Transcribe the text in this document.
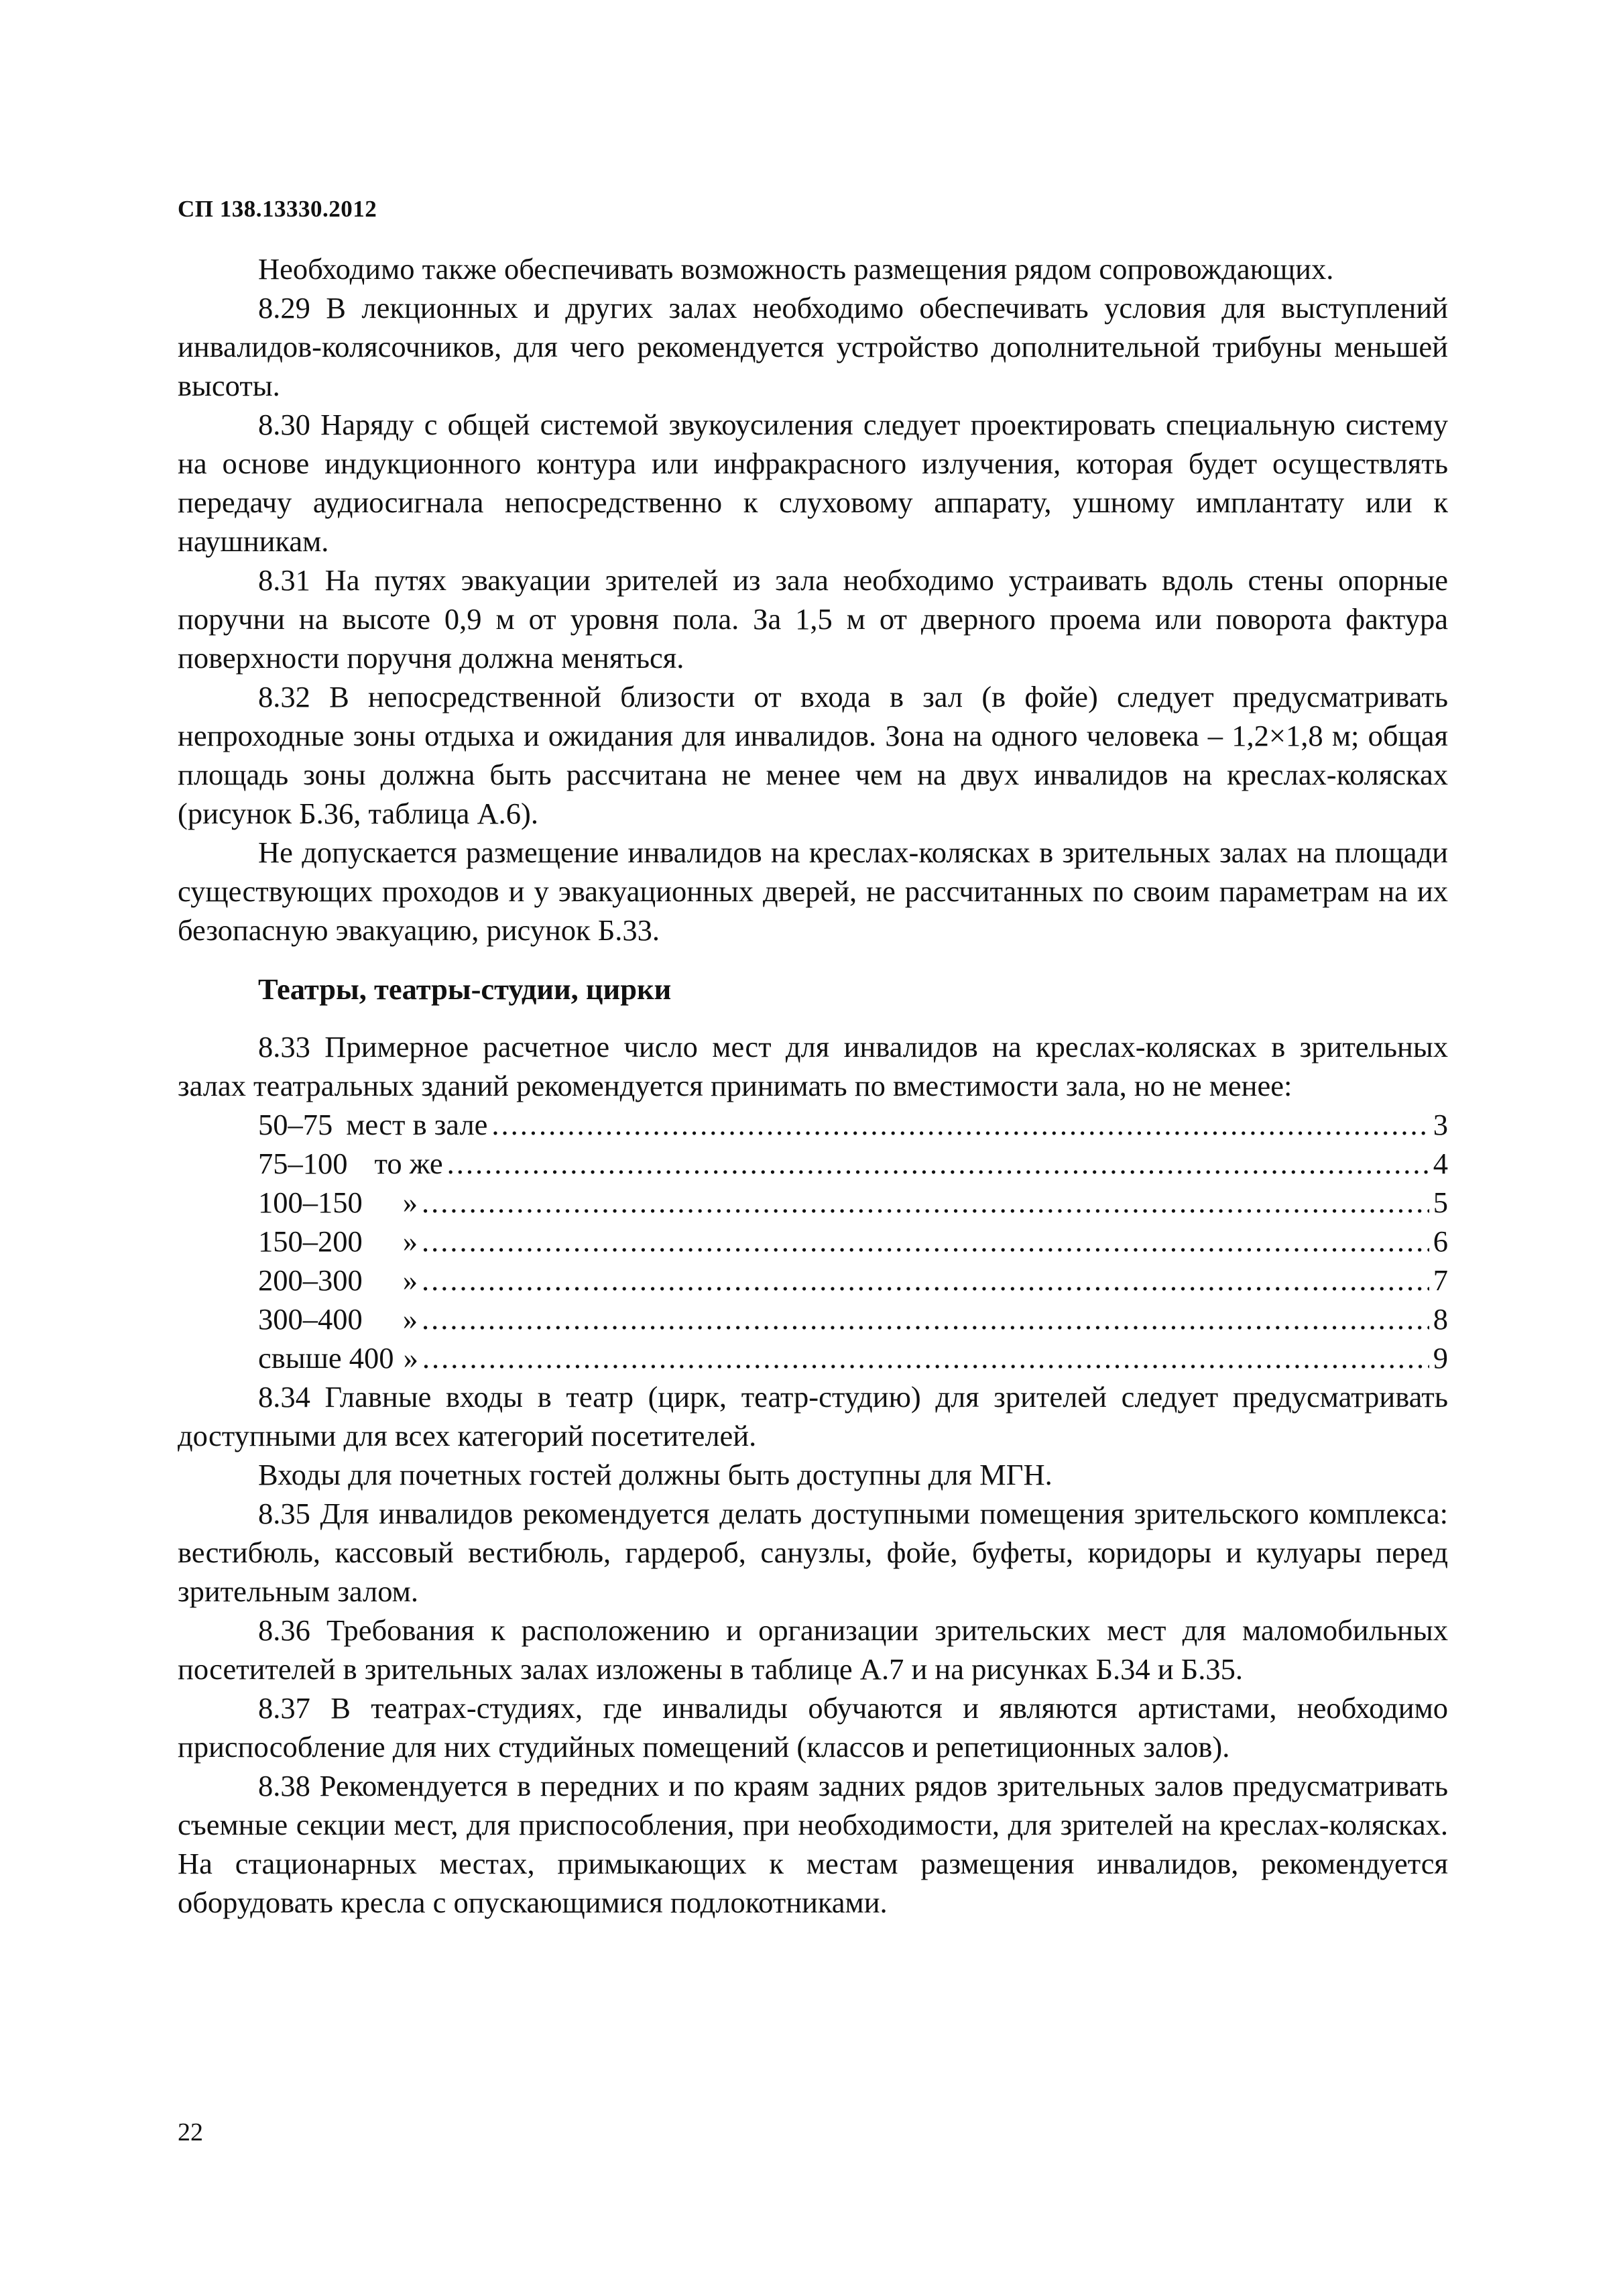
СП 138.13330.2012

Необходимо также обеспечивать возможность размещения рядом сопровождающих.

8.29 В лекционных и других залах необходимо обеспечивать условия для выступлений инвалидов-колясочников, для чего рекомендуется устройство дополнительной трибуны меньшей высоты.

8.30 Наряду с общей системой звукоусиления следует проектировать специальную систему на основе индукционного контура или инфракрасного излучения, которая будет осуществлять передачу аудиосигнала непосредственно к слуховому аппарату, ушному имплантату или к наушникам.

8.31 На путях эвакуации зрителей из зала необходимо устраивать вдоль стены опорные поручни на высоте 0,9 м от уровня пола. За 1,5 м от дверного проема или поворота фактура поверхности поручня должна меняться.

8.32 В непосредственной близости от входа в зал (в фойе) следует предусматривать непроходные зоны отдыха и ожидания для инвалидов. Зона на одного человека – 1,2×1,8 м; общая площадь зоны должна быть рассчитана не менее чем на двух инвалидов на креслах-колясках (рисунок Б.36, таблица А.6).

Не допускается размещение инвалидов на креслах-колясках в зрительных залах на площади существующих проходов и у эвакуационных дверей, не рассчитанных по своим параметрам на их безопасную эвакуацию, рисунок Б.33.

Театры, театры-студии, цирки

8.33 Примерное расчетное число мест для инвалидов на креслах-колясках в зрительных залах театральных зданий рекомендуется принимать по вместимости зала, но не менее:

50–75 мест в зале .....	3
75–100 то же .....	4
100–150 » .....	5
150–200 » .....	6
200–300 » .....	7
300–400 » .....	8
свыше 400 » .....	9

8.34 Главные входы в театр (цирк, театр-студию) для зрителей следует предусматривать доступными для всех категорий посетителей.

Входы для почетных гостей должны быть доступны для МГН.

8.35 Для инвалидов рекомендуется делать доступными помещения зрительского комплекса: вестибюль, кассовый вестибюль, гардероб, санузлы, фойе, буфеты, коридоры и кулуары перед зрительным залом.

8.36 Требования к расположению и организации зрительских мест для маломобильных посетителей в зрительных залах изложены в таблице А.7 и на рисунках Б.34 и Б.35.

8.37 В театрах-студиях, где инвалиды обучаются и являются артистами, необходимо приспособление для них студийных помещений (классов и репетиционных залов).

8.38 Рекомендуется в передних и по краям задних рядов зрительных залов предусматривать съемные секции мест, для приспособления, при необходимости, для зрителей на креслах-колясках. На стационарных местах, примыкающих к местам размещения инвалидов, рекомендуется оборудовать кресла с опускающимися подлокотниками.

22
